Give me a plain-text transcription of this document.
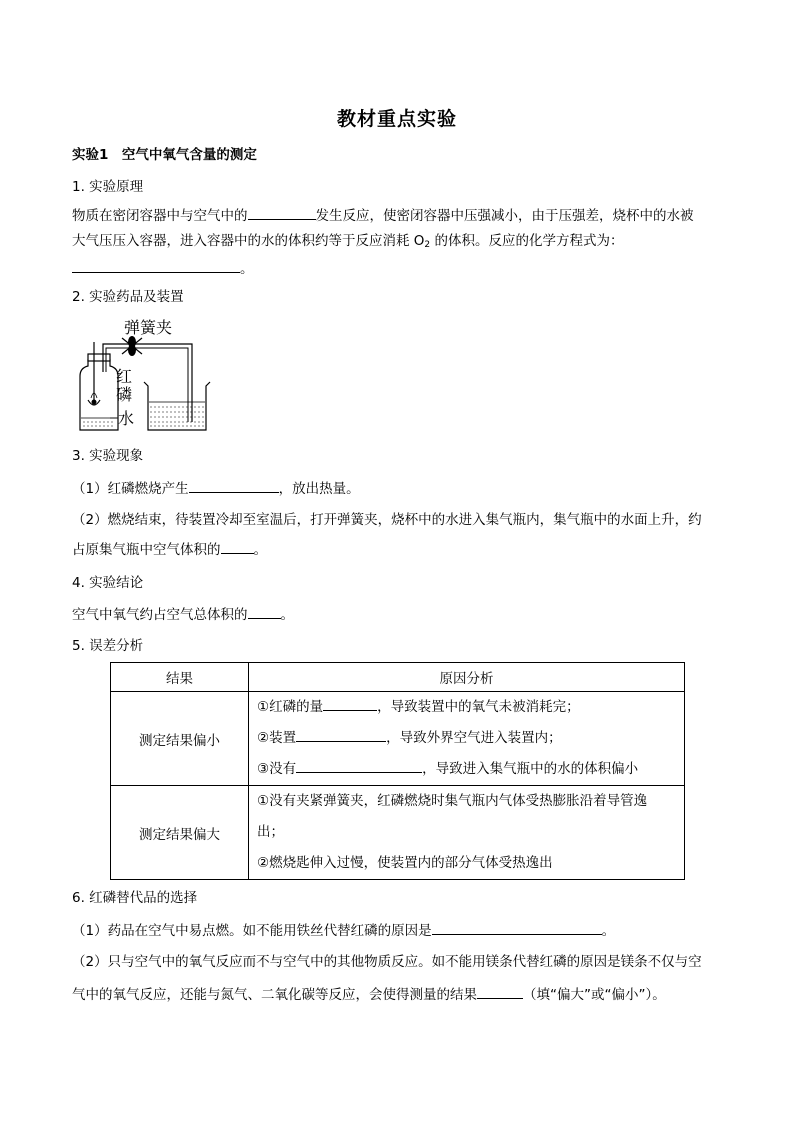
教材重点实验
实验1　空气中氧气含量的测定
1. 实验原理
物质在密闭容器中与空气中的	发生反应，使密闭容器中压强减小，由于压强差，烧杯中的水被
大气压压入容器，进入容器中的水的体积约等于反应消耗 $O_2$ 的体积。反应的化学方程式为：
。
2. 实验药品及装置
弹簧夹
红
磷
水
3. 实验现象
（1）红磷燃烧产生	，放出热量。
（2）燃烧结束，待装置冷却至室温后，打开弹簧夹，烧杯中的水进入集气瓶内，集气瓶中的水面上升，约
占原集气瓶中空气体积的 。
4. 实验结论
空气中氧气约占空气总体积的 。
5. 误差分析
结果	原因分析
测定结果偏小	①红磷的量 ，导致装置中的氧气未被消耗完；
②装置 ，导致外界空气进入装置内；
③没有 ，导致进入集气瓶中的水的体积偏小

测定结果偏大	①没有夹紧弹簧夹，红磷燃烧时集气瓶内气体受热膨胀沿着导管逸
出；
②燃烧匙伸入过慢，使装置内的部分气体受热逸出
6. 红磷替代品的选择
（1）药品在空气中易点燃。如不能用铁丝代替红磷的原因是	。
（2）只与空气中的氧气反应而不与空气中的其他物质反应。如不能用镁条代替红磷的原因是镁条不仅与空
气中的氧气反应，还能与氮气、二氧化碳等反应，会使得测量的结果	（填“偏大”或“偏小”）。
